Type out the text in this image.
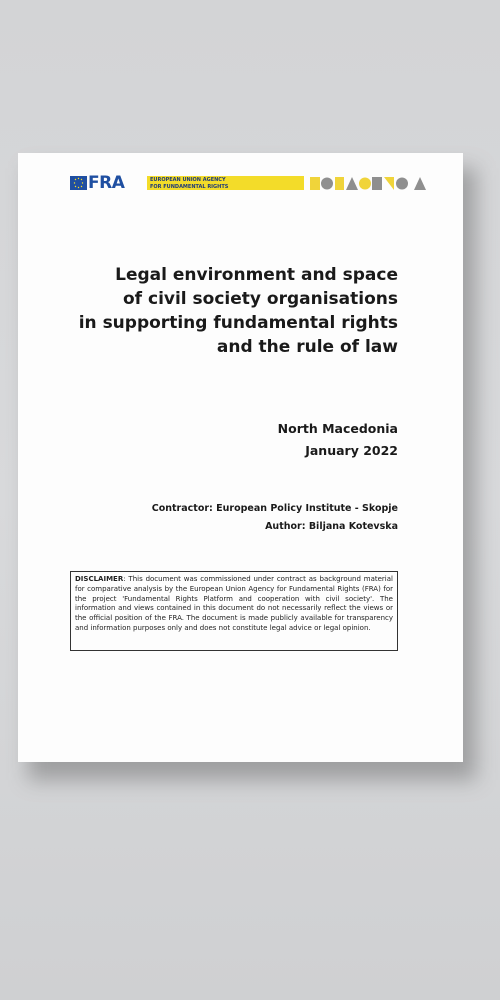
FRA	EUROPEAN UNION AGENCY
FOR FUNDAMENTAL RIGHTS
Legal environment and space
of civil society organisations
in supporting fundamental rights
and the rule of law
North Macedonia
January 2022
Contractor: European Policy Institute - Skopje
Author: Biljana Kotevska
DISCLAIMER: This document was commissioned under contract as background material for comparative analysis by the European Union Agency for Fundamental Rights (FRA) for the project 'Fundamental Rights Platform and cooperation with civil society'. The information and views contained in this document do not necessarily reflect the views or the official position of the FRA. The document is made publicly available for transparency and information purposes only and does not constitute legal advice or legal opinion.
